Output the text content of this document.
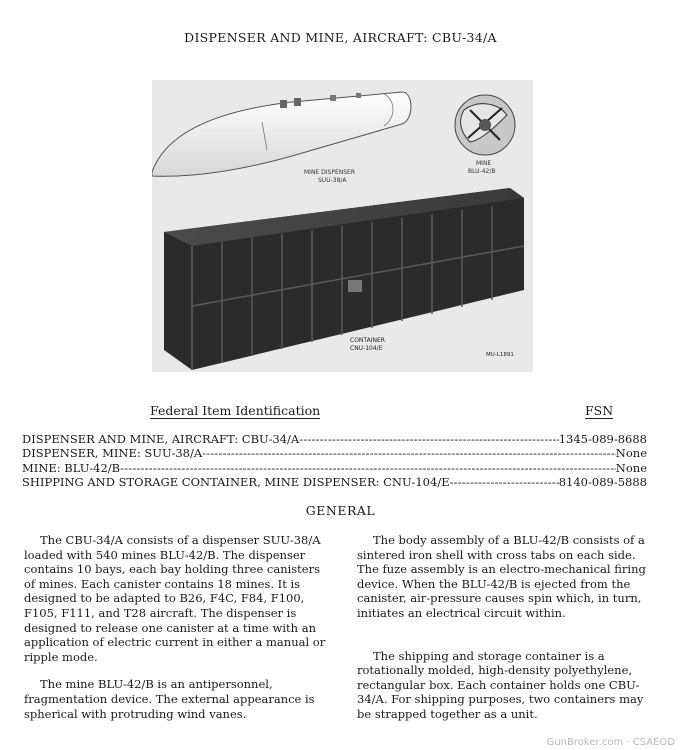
DISPENSER AND MINE, AIRCRAFT: CBU-34/A
MINE DISPENSER
SUU-38/A
MINE
BLU-42/B
CONTAINER
CNU-104/E
MU-L1891
Federal Item Identification	FSN
DISPENSER AND MINE, AIRCRAFT: CBU-34/A -----	1345-089-8688
DISPENSER, MINE: SUU-38/A -----	None
MINE: BLU-42/B -----	None
SHIPPING AND STORAGE CONTAINER, MINE DISPENSER: CNU-104/E -----	8140-089-5888
GENERAL

The CBU-34/A consists of a dispenser SUU-38/A loaded with 540 mines BLU-42/B. The dispenser contains 10 bays, each bay holding three canisters of mines. Each canister contains 18 mines. It is designed to be adapted to B26, F4C, F84, F100, F105, F111, and T28 aircraft. The dispenser is designed to release one canister at a time with an application of electric current in either a manual or ripple mode.

The mine BLU-42/B is an antipersonnel, fragmentation device. The external appearance is spherical with protruding wind vanes.

The body assembly of a BLU-42/B consists of a sintered iron shell with cross tabs on each side. The fuze assembly is an electro-mechanical firing device. When the BLU-42/B is ejected from the canister, air-pressure causes spin which, in turn, initiates an electrical circuit within.

The shipping and storage container is a rotationally molded, high-density polyethylene, rectangular box. Each container holds one CBU-34/A. For shipping purposes, two containers may be strapped together as a unit.

GunBroker.com · CSAEOD
